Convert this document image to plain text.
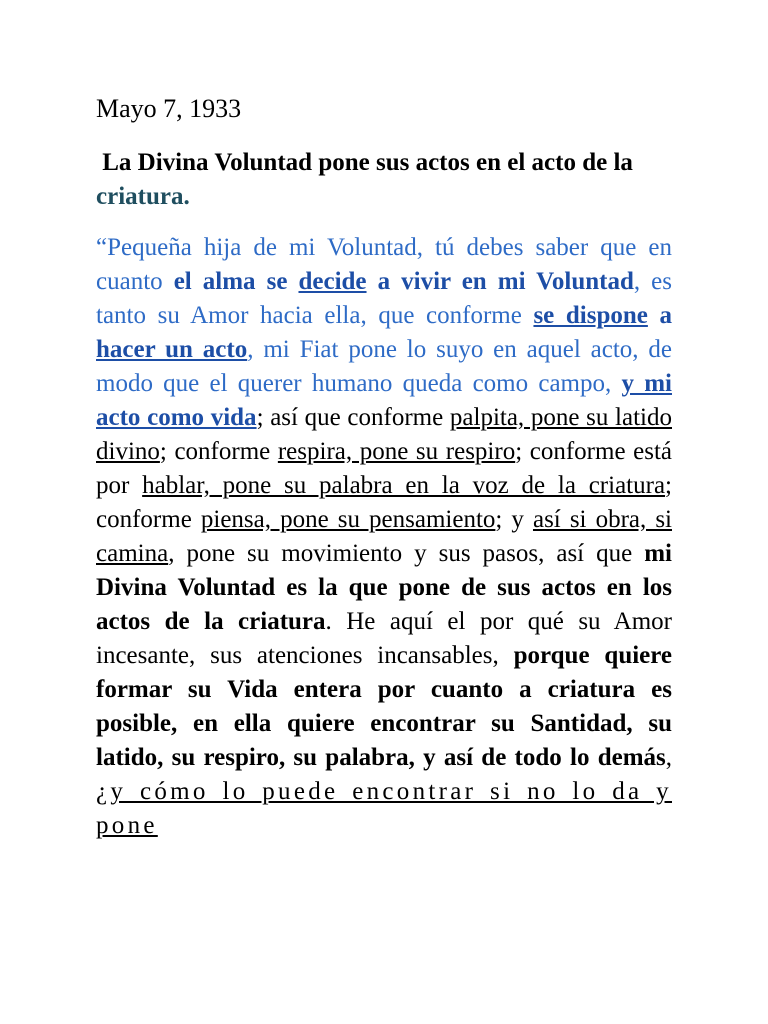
Mayo 7, 1933
La Divina Voluntad pone sus actos en el acto de la criatura.

“Pequeña hija de mi Voluntad, tú debes saber que en cuanto el alma se decide a vivir en mi Voluntad, es tanto su Amor hacia ella, que conforme se dispone a hacer un acto, mi Fiat pone lo suyo en aquel acto, de modo que el querer humano queda como campo, y mi acto como vida; así que conforme palpita, pone su latido divino; conforme respira, pone su respiro; conforme está por hablar, pone su palabra en la voz de la criatura; conforme piensa, pone su pensamiento; y así si obra, si camina, pone su movimiento y sus pasos, así que mi Divina Voluntad es la que pone de sus actos en los actos de la criatura. He aquí el por qué su Amor incesante, sus atenciones incansables, porque quiere formar su Vida entera por cuanto a criatura es posible, en ella quiere encontrar su Santidad, su latido, su respiro, su palabra, y así de todo lo demás, ¿y cómo lo puede encontrar si no lo da y pone
